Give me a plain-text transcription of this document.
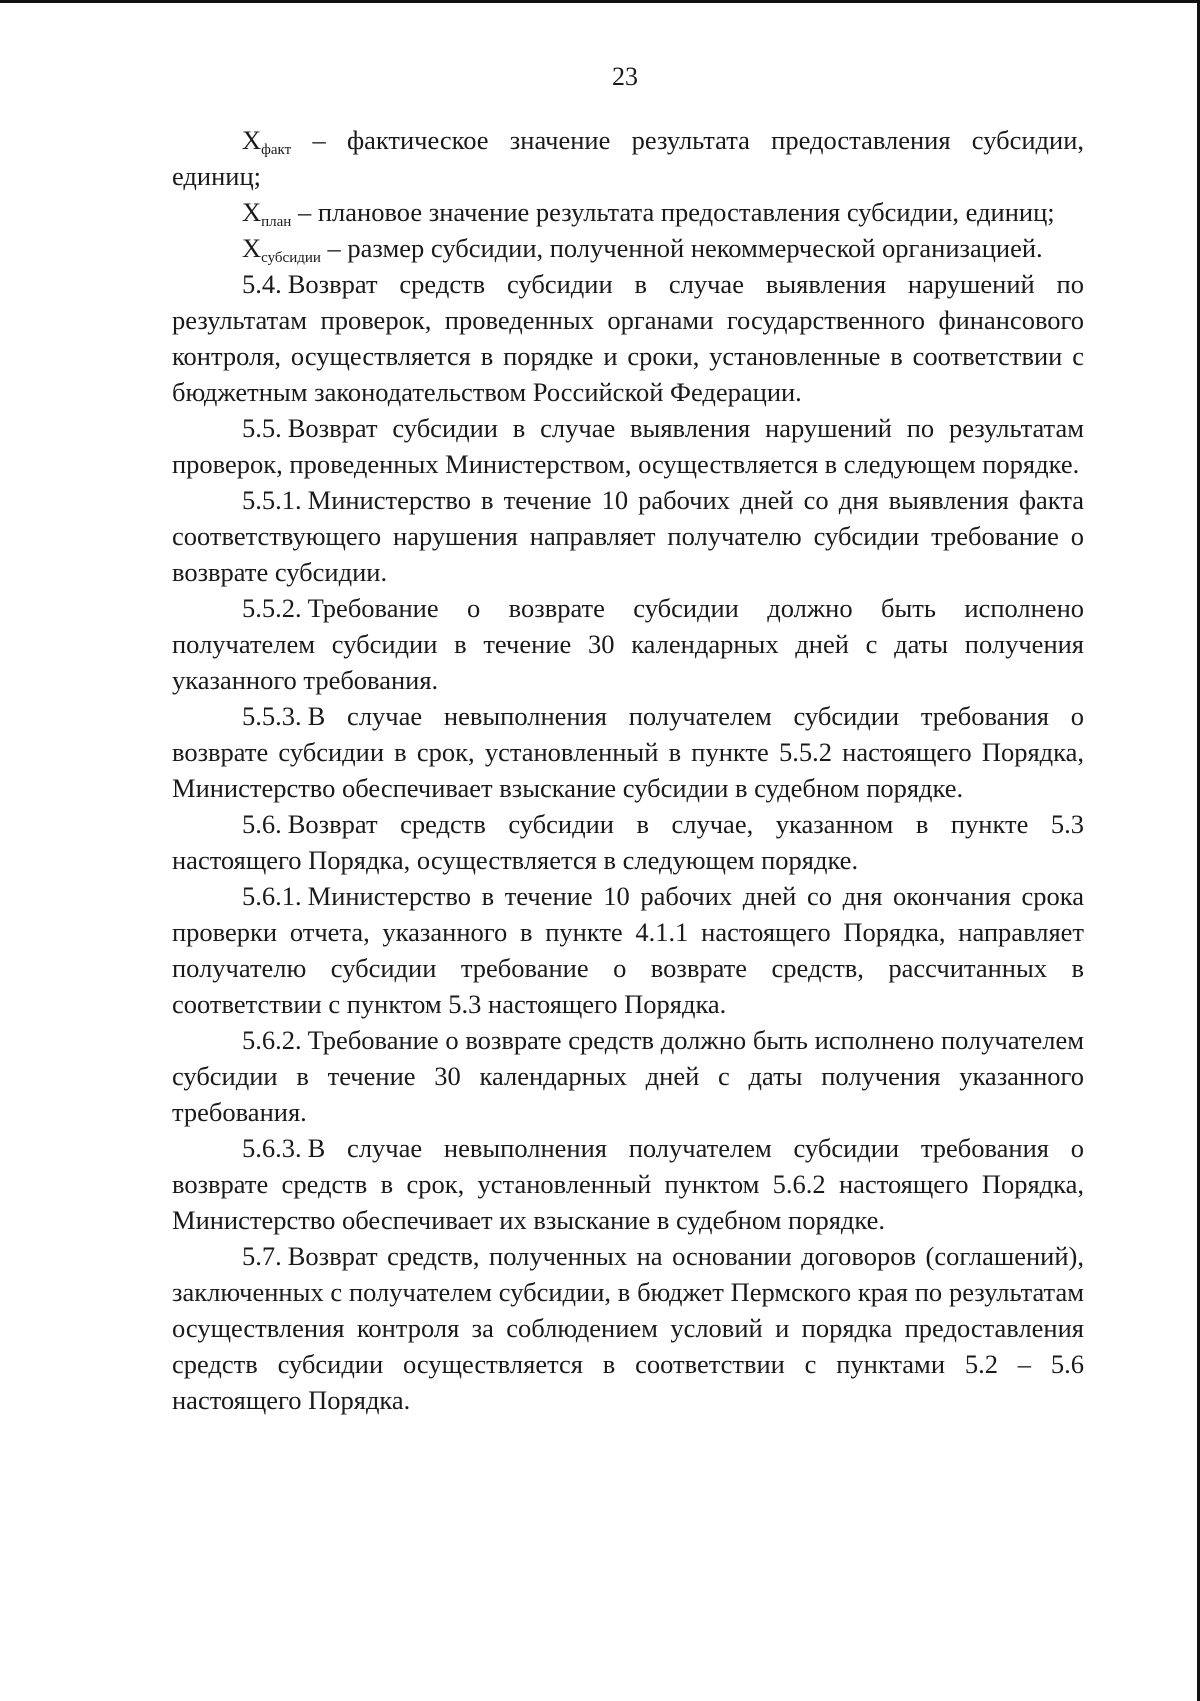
23

$X_{факт}$ – фактическое значение результата предоставления субсидии, единиц;

$X_{план}$ – плановое значение результата предоставления субсидии, единиц;

$X_{субсидии}$ – размер субсидии, полученной некоммерческой организацией.

5.4. Возврат средств субсидии в случае выявления нарушений по результатам проверок, проведенных органами государственного финансового контроля, осуществляется в порядке и сроки, установленные в соответствии с бюджетным законодательством Российской Федерации.

5.5. Возврат субсидии в случае выявления нарушений по результатам проверок, проведенных Министерством, осуществляется в следующем порядке.

5.5.1. Министерство в течение 10 рабочих дней со дня выявления факта соответствующего нарушения направляет получателю субсидии требование о возврате субсидии.

5.5.2. Требование о возврате субсидии должно быть исполнено получателем субсидии в течение 30 календарных дней с даты получения указанного требования.

5.5.3. В случае невыполнения получателем субсидии требования о возврате субсидии в срок, установленный в пункте 5.5.2 настоящего Порядка, Министерство обеспечивает взыскание субсидии в судебном порядке.

5.6. Возврат средств субсидии в случае, указанном в пункте 5.3 настоящего Порядка, осуществляется в следующем порядке.

5.6.1. Министерство в течение 10 рабочих дней со дня окончания срока проверки отчета, указанного в пункте 4.1.1 настоящего Порядка, направляет получателю субсидии требование о возврате средств, рассчитанных в соответствии с пунктом 5.3 настоящего Порядка.

5.6.2. Требование о возврате средств должно быть исполнено получателем субсидии в течение 30 календарных дней с даты получения указанного требования.

5.6.3. В случае невыполнения получателем субсидии требования о возврате средств в срок, установленный пунктом 5.6.2 настоящего Порядка, Министерство обеспечивает их взыскание в судебном порядке.

5.7. Возврат средств, полученных на основании договоров (соглашений), заключенных с получателем субсидии, в бюджет Пермского края по результатам осуществления контроля за соблюдением условий и порядка предоставления средств субсидии осуществляется в соответствии с пунктами 5.2 – 5.6 настоящего Порядка.
